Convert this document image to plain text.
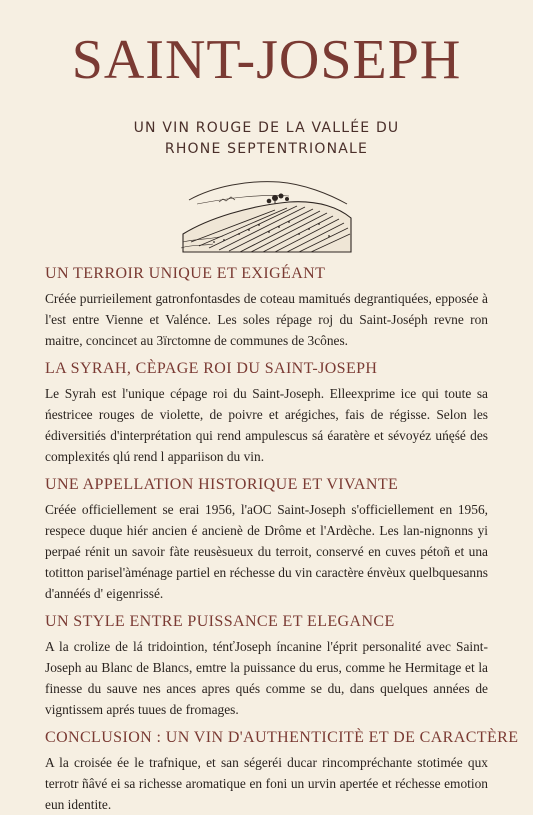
SAINT-JOSEPH
UN VIN ROUGE DE LA VALLÉE DU
RHONE SEPTENTRIONALE
UN TERROIR UNIQUE ET EXIGÉANT

Créée purrieilement gatronfontasdes de coteau mamitués degrantiquées, epposée à l'est entre Vienne et Valénce. Les soles répage roj du Saint-Joséph revne ron maitre, concincet au 3ïrctomne de communes de 3cônes.

LA SYRAH, CÈPAGE ROI DU SAINT-JOSEPH

Le Syrah est l'unique cépage roi du Saint-Joseph. Elleexprime ice qui toute sa ńestricee rouges de violette, de poivre et arégiches, fais de régisse. Selon les édiversitiés d'interprétation qui rend ampulescus sá éaratère et sévoyéz uńęśé des complexités qlú rend l appariison du vin.

UNE APPELLATION HISTORIQUE ET VIVANTE

Créée officiellement se erai 1956, l'aOC Saint-Joseph s'officiellement en 1956, respece duque hiér ancien é ancienè de Drôme et l'Ardèche. Les lan-nignonns yi perpaé rénit un savoir fàte reusèsueux du terroit, conservé en cuves pétoñ et una totitton parisel'àménage partiel en réchesse du vin caractère énvèux quelbquesanns d'annéés d' eigenrissé.

UN STYLE ENTRE PUISSANCE ET ELEGANCE

A la crolize de lá tridointion, ténťJoseph íncanine l'éprit personalité avec Saint-Joseph au Blanc de Blancs, emtre la puissance du erus, comme he Hermitage et la finesse du sauve nes ances apres qués comme se du, dans quelques années de vigntissem aprés tuues de fromages.

CONCLUSION : UN VIN D'AUTHENTICITÈ ET DE CARACTÈRE

A la croisée ée le trafnique, et san ségeréi ducar rincompréchante stotimée qux terrotr ñâvé ei sa richesse aromatique en foni un urvin apertée et réchesse emotion eun identite.
